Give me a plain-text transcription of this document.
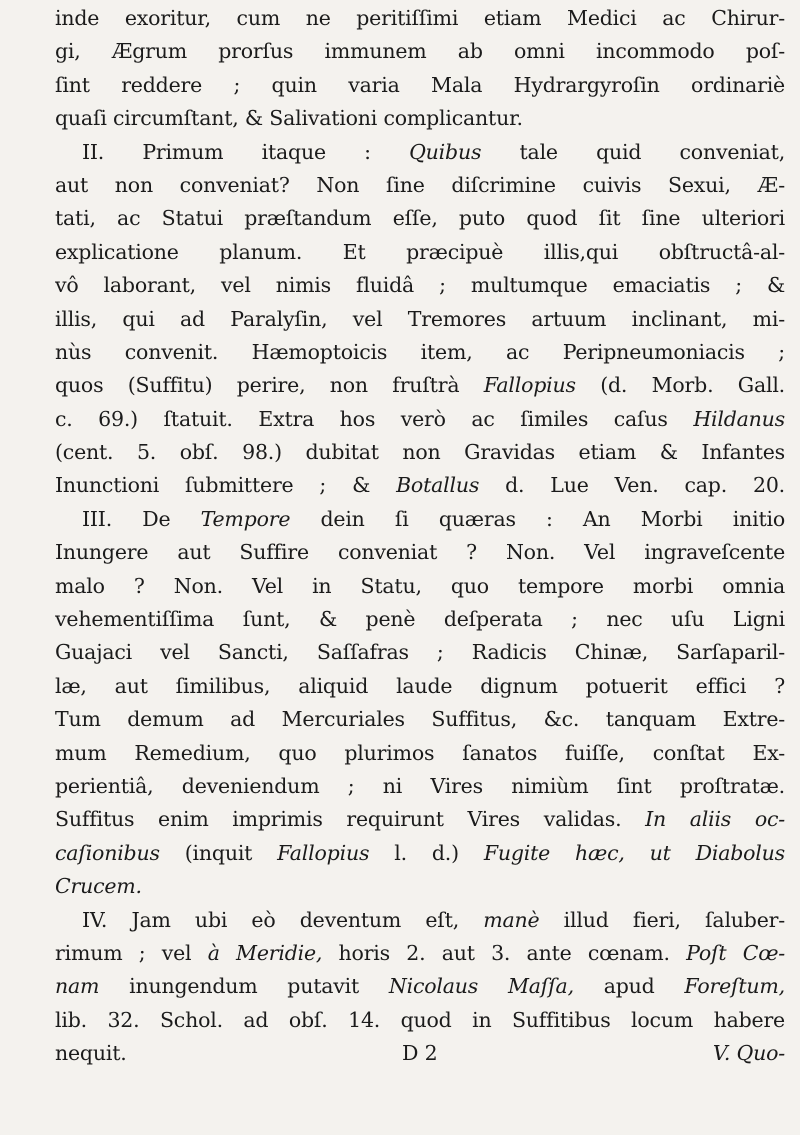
inde exoritur, cum ne peritiſſimi etiam Medici ac Chirur-
gi, Ægrum prorſus immunem ab omni incommodo poſ-
ſint reddere ; quin varia Mala Hydrargyroſin ordinariè
quaſi circumſtant, & Salivationi complicantur.
II. Primum itaque : Quibus tale quid conveniat,
aut non conveniat? Non ſine diſcrimine cuivis Sexui, Æ-
tati, ac Statui præſtandum eſſe, puto quod ſit ſine ulteriori
explicatione planum. Et præcipuè illis,qui obſtructâ-al-
vô laborant, vel nimis fluidâ ; multumque emaciatis ; &
illis, qui ad Paralyſin, vel Tremores artuum inclinant, mi-
nùs convenit. Hæmoptoicis item, ac Peripneumoniacis ;
quos (Suffitu) perire, non fruſtrà Fallopius (d. Morb. Gall.
c. 69.) ſtatuit. Extra hos verò ac ſimiles caſus Hildanus
(cent. 5. obſ. 98.) dubitat non Gravidas etiam & Infantes
Inunctioni ſubmittere ; & Botallus d. Lue Ven. cap. 20.
III. De Tempore dein ſi quæras : An Morbi initio
Inungere aut Suffire conveniat ? Non. Vel ingraveſcente
malo ? Non. Vel in Statu, quo tempore morbi omnia
vehementiſſima ſunt, & penè deſperata ; nec uſu Ligni
Guajaci vel Sancti, Saſſafras ; Radicis Chinæ, Sarſaparil-
læ, aut ſimilibus, aliquid laude dignum potuerit effici ?
Tum demum ad Mercuriales Suffitus, &c. tanquam Extre-
mum Remedium, quo plurimos ſanatos fuiſſe, conſtat Ex-
perientiâ, deveniendum ; ni Vires nimiùm ſint proſtratæ.
Suffitus enim imprimis requirunt Vires validas. In aliis oc-
caſionibus (inquit Fallopius l. d.) Fugite hæc, ut Diabolus
Crucem.
IV. Jam ubi eò deventum eſt, manè illud fieri, ſaluber-
rimum ; vel à Meridie, horis 2. aut 3. ante cœnam. Poſt Cœ-
nam inungendum putavit Nicolaus Maſſa, apud Foreſtum,
lib. 32. Schol. ad obſ. 14. quod in Suffitibus locum habere
nequit.	D 2	V. Quo-
